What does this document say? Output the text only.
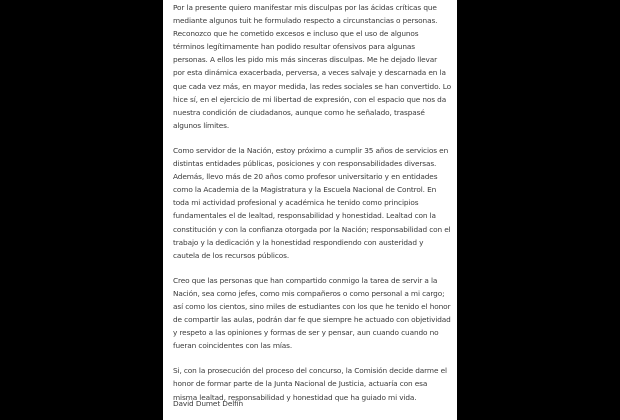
Por la presente quiero manifestar mis disculpas por las ácidas críticas que mediante algunos tuit he formulado respecto a circunstancias o personas. Reconozco que he cometido excesos e incluso que el uso de algunos términos legítimamente han podido resultar ofensivos para algunas personas. A ellos les pido mis más sinceras disculpas. Me he dejado llevar por esta dinámica exacerbada, perversa, a veces salvaje y descarnada en la que cada vez más, en mayor medida, las redes sociales se han convertido. Lo hice sí, en el ejercicio de mi libertad de expresión, con el espacio que nos da nuestra condición de ciudadanos, aunque como he señalado, traspasé algunos límites.

Como servidor de la Nación, estoy próximo a cumplir 35 años de servicios en distintas entidades públicas, posiciones y con responsabilidades diversas. Además, llevo más de 20 años como profesor universitario y en entidades como la Academia de la Magistratura y la Escuela Nacional de Control. En toda mi actividad profesional y académica he tenido como principios fundamentales el de lealtad, responsabilidad y honestidad. Lealtad con la constitución y con la confianza otorgada por la Nación; responsabilidad con el trabajo y la dedicación y la honestidad respondiendo con austeridad y cautela de los recursos públicos.

Creo que las personas que han compartido conmigo la tarea de servir a la Nación, sea como jefes, como mis compañeros o como personal a mi cargo; así como los cientos, sino miles de estudiantes con los que he tenido el honor de compartir las aulas, podrán dar fe que siempre he actuado con objetividad y respeto a las opiniones y formas de ser y pensar, aun cuando cuando no fueran coincidentes con las mías.

Si, con la prosecución del proceso del concurso, la Comisión decide darme el honor de formar parte de la Junta Nacional de Justicia, actuaría con esa misma lealtad, responsabilidad y honestidad que ha guiado mi vida.

David Dumet Delfín
